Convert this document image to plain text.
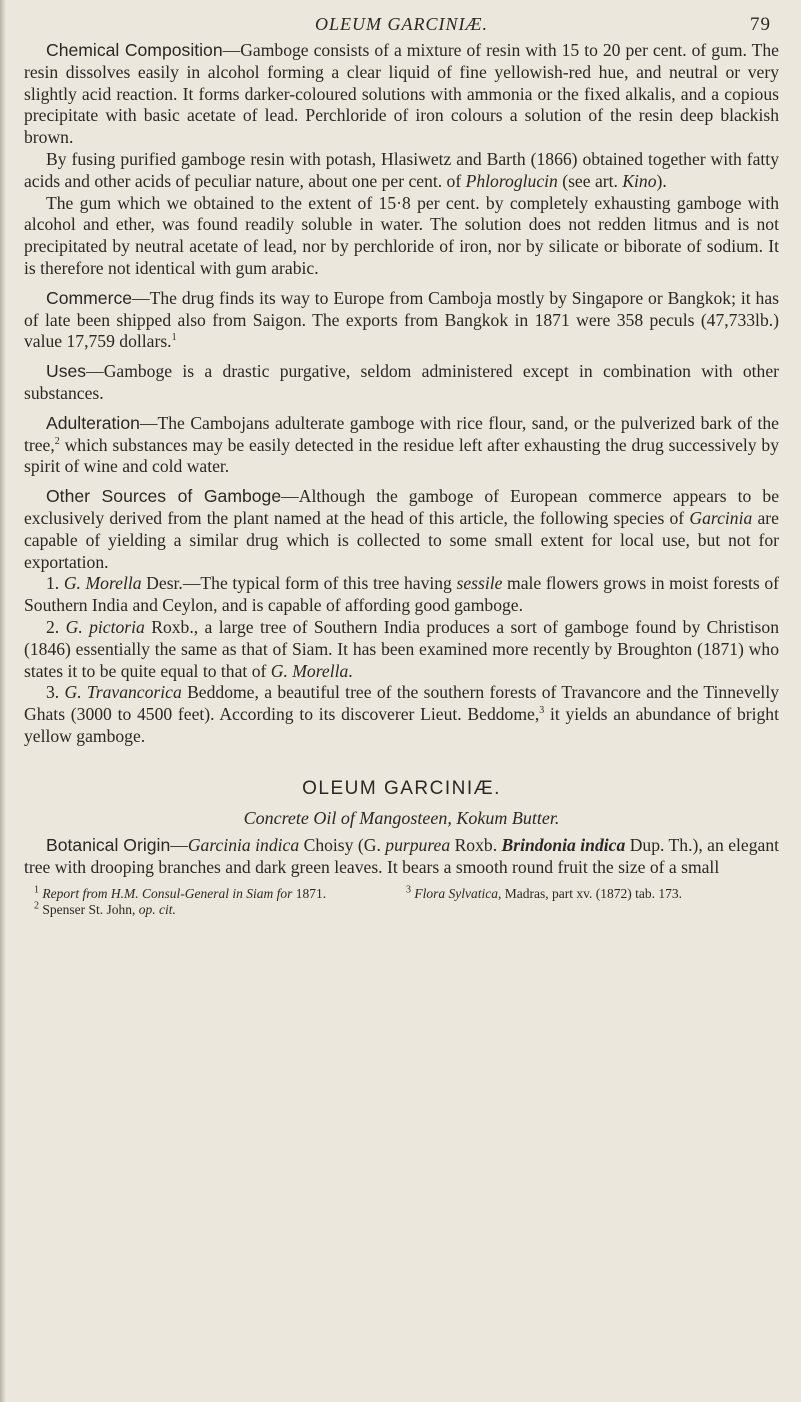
OLEUM GARCINIÆ.	79

Chemical Composition—Gamboge consists of a mixture of resin with 15 to 20 per cent. of gum. The resin dissolves easily in alcohol forming a clear liquid of fine yellowish-red hue, and neutral or very slightly acid reaction. It forms darker-coloured solutions with ammonia or the fixed alkalis, and a copious precipitate with basic acetate of lead. Perchloride of iron colours a solution of the resin deep blackish brown.

By fusing purified gamboge resin with potash, Hlasiwetz and Barth (1866) obtained together with fatty acids and other acids of peculiar nature, about one per cent. of Phloroglucin (see art. Kino).

The gum which we obtained to the extent of 15·8 per cent. by completely exhausting gamboge with alcohol and ether, was found readily soluble in water. The solution does not redden litmus and is not precipitated by neutral acetate of lead, nor by perchloride of iron, nor by silicate or biborate of sodium. It is therefore not identical with gum arabic.

Commerce—The drug finds its way to Europe from Camboja mostly by Singapore or Bangkok; it has of late been shipped also from Saigon. The exports from Bangkok in 1871 were 358 peculs (47,733lb.) value 17,759 dollars.$^1$

Uses—Gamboge is a drastic purgative, seldom administered except in combination with other substances.

Adulteration—The Cambojans adulterate gamboge with rice flour, sand, or the pulverized bark of the tree,$^2$ which substances may be easily detected in the residue left after exhausting the drug successively by spirit of wine and cold water.

Other Sources of Gamboge—Although the gamboge of European commerce appears to be exclusively derived from the plant named at the head of this article, the following species of Garcinia are capable of yielding a similar drug which is collected to some small extent for local use, but not for exportation.

1. G. Morella Desr.—The typical form of this tree having sessile male flowers grows in moist forests of Southern India and Ceylon, and is capable of affording good gamboge.

2. G. pictoria Roxb., a large tree of Southern India produces a sort of gamboge found by Christison (1846) essentially the same as that of Siam. It has been examined more recently by Broughton (1871) who states it to be quite equal to that of G. Morella.

3. G. Travancorica Beddome, a beautiful tree of the southern forests of Travancore and the Tinnevelly Ghats (3000 to 4500 feet). According to its discoverer Lieut. Beddome,$^3$ it yields an abundance of bright yellow gamboge.

OLEUM GARCINIÆ.
Concrete Oil of Mangosteen, Kokum Butter.

Botanical Origin—Garcinia indica Choisy (G. purpurea Roxb. Brindonia indica Dup. Th.), an elegant tree with drooping branches and dark green leaves. It bears a smooth round fruit the size of a small

$^1$ Report from H.M. Consul-General in Siam for 1871.
$^2$ Spenser St. John, op. cit.
$^3$ Flora Sylvatica, Madras, part xv. (1872) tab. 173.
